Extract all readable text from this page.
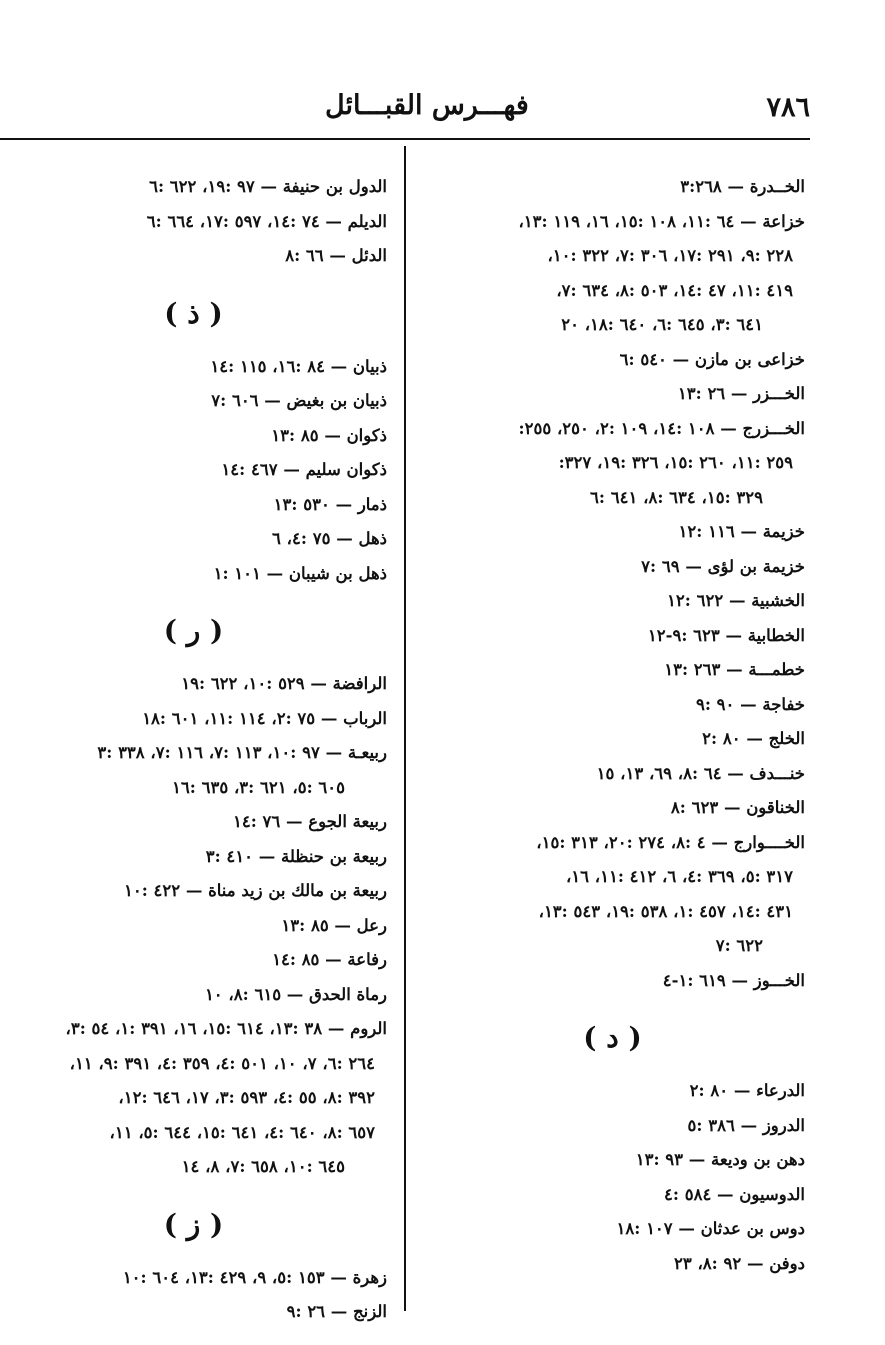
٧٨٦
فهـــرس القبـــائل
الخــدرة — ٣:٢٦٨
خزاعة — ٦٤ :١١، ١٠٨ :١٥، ١٦، ١١٩ :١٣،
٢٢٨ :٩، ٢٩١ :١٧، ٣٠٦ :٧، ٣٢٢ :١٠،
٤١٩ :١١، ٤٧ :١٤، ٥٠٣ :٨، ٦٣٤ :٧،
٦٤١ :٣، ٦٤٥ :٦، ٦٤٠ :١٨، ٢٠
خزاعى بن مازن — ٥٤٠ :٦
الخـــزر — ٢٦ :١٣
الخـــزرج — ١٠٨ :١٤، ١٠٩ :٢، ٢٥٠، ٢٥٥:
٢٥٩ :١١، ٢٦٠ :١٥، ٣٢٦ :١٩، ٣٢٧:
٣٢٩ :١٥، ٦٣٤ :٨، ٦٤١ :٦
خزيمة — ١١٦ :١٢
خزيمة بن لؤى — ٦٩ :٧
الخشبية — ٦٢٢ :١٢
الخطابية — ٦٢٣ :٩-١٢
خطمـــة — ٢٦٣ :١٣
خفاجة — ٩٠ :٩
الخلج — ٨٠ :٢
خنـــدف — ٦٤ :٨، ٦٩، ١٣، ١٥
الخناقون — ٦٢٣ :٨
الخــــوارج — ٤ :٨، ٢٧٤ :٢٠، ٣١٣ :١٥،
٣١٧ :٥، ٣٦٩ :٤، ٦، ٤١٢ :١١، ١٦،
٤٣١ :١٤، ٤٥٧ :١، ٥٣٨ :١٩، ٥٤٣ :١٣،
٦٢٢ :٧
الخـــوز — ٦١٩ :١-٤
( د )
الدرعاء — ٨٠ :٢
الدروز — ٣٨٦ :٥
دهن بن وديعة — ٩٣ :١٣
الدوسيون — ٥٨٤ :٤
دوس بن عدثان — ١٠٧ :١٨
دوفن — ٩٢ :٨، ٢٣
الدول بن حنيفة — ٩٧ :١٩، ٦٢٢ :٦
الديلم — ٧٤ :١٤، ٥٩٧ :١٧، ٦٦٤ :٦
الدئل — ٦٦ :٨
( ذ )
ذبيان — ٨٤ :١٦، ١١٥ :١٤
ذبيان بن بغيض — ٦٠٦ :٧
ذكوان — ٨٥ :١٣
ذكوان سليم — ٤٦٧ :١٤
ذمار — ٥٣٠ :١٣
ذهل — ٧٥ :٤، ٦
ذهل بن شيبان — ١٠١ :١
( ر )
الرافضة — ٥٢٩ :١٠، ٦٢٢ :١٩
الرباب — ٧٥ :٢، ١١٤ :١١، ٦٠١ :١٨
ربيعـة — ٩٧ :١٠، ١١٣ :٧، ١١٦ :٧، ٣٣٨ :٣
٦٠٥ :٥، ٦٢١ :٣، ٦٣٥ :١٦
ربيعة الجوع — ٧٦ :١٤
ربيعة بن حنظلة — ٤١٠ :٣
ربيعة بن مالك بن زيد مناة — ٤٢٢ :١٠
رعل — ٨٥ :١٣
رفاعة — ٨٥ :١٤
رماة الحدق — ٦١٥ :٨، ١٠
الروم — ٣٨ :١٣، ٦١٤ :١٥، ١٦، ٣٩١ :١، ٥٤ :٣،
٢٦٤ :٦، ٧، ١٠، ٥٠١ :٤، ٣٥٩ :٤، ٣٩١ :٩، ١١،
٣٩٢ :٨، ٥٥ :٤، ٥٩٣ :٣، ١٧، ٦٤٦ :١٢،
٦٥٧ :٨، ٦٤٠ :٤، ٦٤١ :١٥، ٦٤٤ :٥، ١١،
٦٤٥ :١٠، ٦٥٨ :٧، ٨، ١٤
( ز )
زهرة — ١٥٣ :٥، ٩، ٤٢٩ :١٣، ٦٠٤ :١٠
الزنج — ٢٦ :٩
